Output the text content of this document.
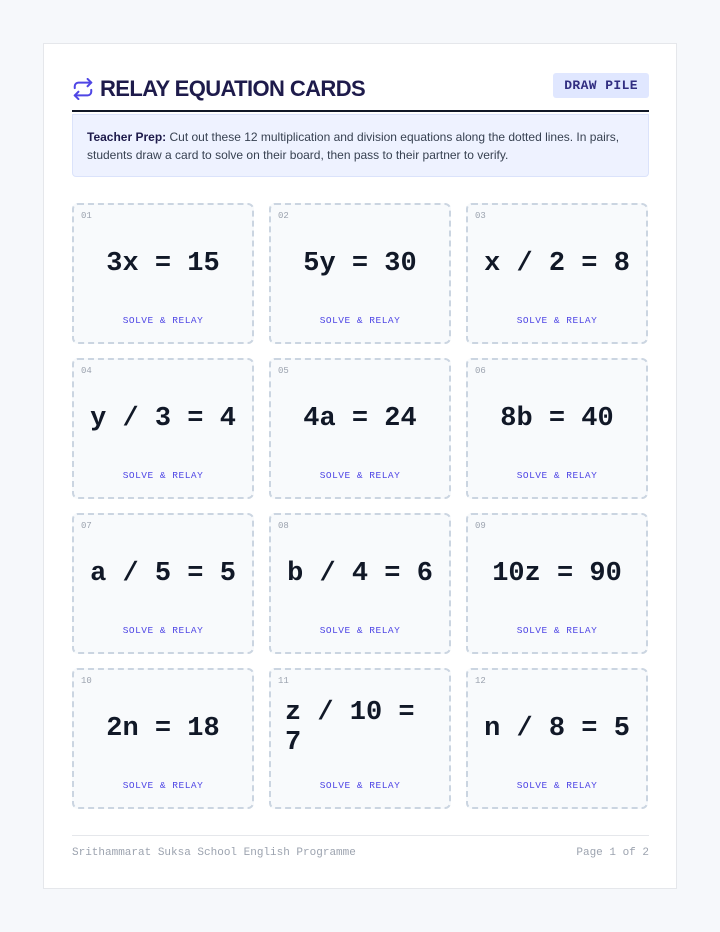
RELAY EQUATION CARDS	DRAW PILE
Teacher Prep: Cut out these 12 multiplication and division equations along the dotted lines. In pairs, students draw a card to solve on their board, then pass to their partner to verify.
01
3x = 15
SOLVE & RELAY
02
5y = 30
SOLVE & RELAY
03
x / 2 = 8
SOLVE & RELAY
04
y / 3 = 4
SOLVE & RELAY
05
4a = 24
SOLVE & RELAY
06
8b = 40
SOLVE & RELAY
07
a / 5 = 5
SOLVE & RELAY
08
b / 4 = 6
SOLVE & RELAY
09
10z = 90
SOLVE & RELAY
10
2n = 18
SOLVE & RELAY
11
z / 10 = 7
SOLVE & RELAY
12
n / 8 = 5
SOLVE & RELAY
Srithammarat Suksa School English Programme	Page 1 of 2
